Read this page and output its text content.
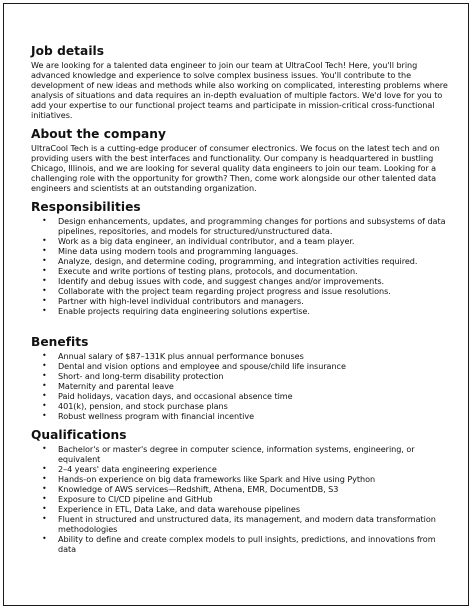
Job details

We are looking for a talented data engineer to join our team at UltraCool Tech! Here, you'll bring advanced knowledge and experience to solve complex business issues. You'll contribute to the development of new ideas and methods while also working on complicated, interesting problems where analysis of situations and data requires an in-depth evaluation of multiple factors. We'd love for you to add your expertise to our functional project teams and participate in mission-critical cross-functional initiatives.

About the company

UltraCool Tech is a cutting-edge producer of consumer electronics. We focus on the latest tech and on providing users with the best interfaces and functionality. Our company is headquartered in bustling Chicago, Illinois, and we are looking for several quality data engineers to join our team. Looking for a challenging role with the opportunity for growth? Then, come work alongside our other talented data engineers and scientists at an outstanding organization.

Responsibilities
• Design enhancements, updates, and programming changes for portions and subsystems of data pipelines, repositories, and models for structured/unstructured data.
• Work as a big data engineer, an individual contributor, and a team player.
• Mine data using modern tools and programming languages.
• Analyze, design, and determine coding, programming, and integration activities required.
• Execute and write portions of testing plans, protocols, and documentation.
• Identify and debug issues with code, and suggest changes and/or improvements.
• Collaborate with the project team regarding project progress and issue resolutions.
• Partner with high-level individual contributors and managers.
• Enable projects requiring data engineering solutions expertise.
Benefits
• Annual salary of $87–131K plus annual performance bonuses
• Dental and vision options and employee and spouse/child life insurance
• Short- and long-term disability protection
• Maternity and parental leave
• Paid holidays, vacation days, and occasional absence time
• 401(k), pension, and stock purchase plans
• Robust wellness program with financial incentive
Qualifications
• Bachelor's or master's degree in computer science, information systems, engineering, or equivalent
• 2–4 years' data engineering experience
• Hands-on experience on big data frameworks like Spark and Hive using Python
• Knowledge of AWS services—Redshift, Athena, EMR, DocumentDB, S3
• Exposure to CI/CD pipeline and GitHub
• Experience in ETL, Data Lake, and data warehouse pipelines
• Fluent in structured and unstructured data, its management, and modern data transformation methodologies
• Ability to define and create complex models to pull insights, predictions, and innovations from data
